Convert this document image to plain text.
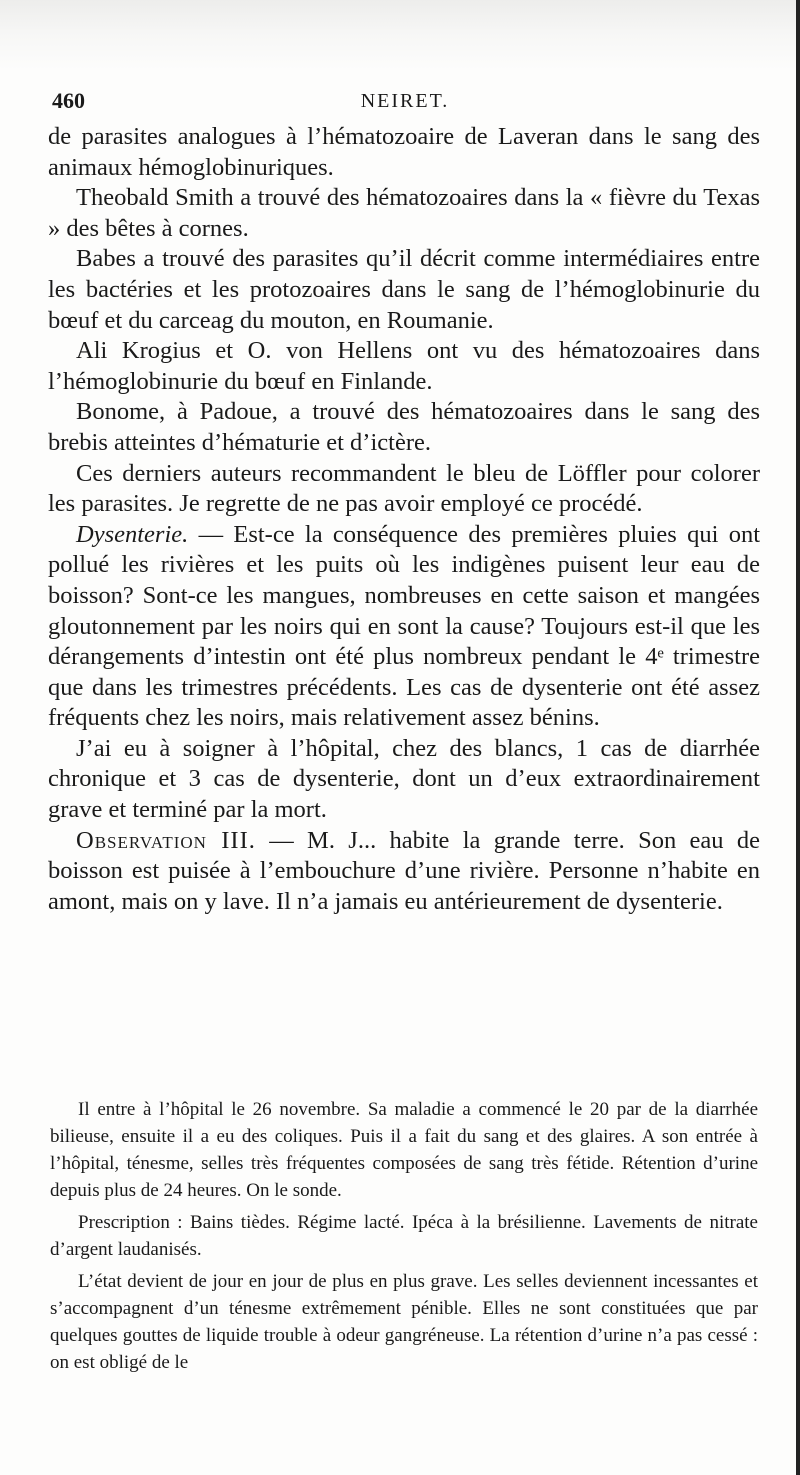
460	NEIRET.

de parasites analogues à l’hématozoaire de Laveran dans le sang des animaux hémoglobinuriques.

Theobald Smith a trouvé des hématozoaires dans la « fièvre du Texas » des bêtes à cornes.

Babes a trouvé des parasites qu’il décrit comme intermédiaires entre les bactéries et les protozoaires dans le sang de l’hémoglobinurie du bœuf et du carceag du mouton, en Roumanie.

Ali Krogius et O. von Hellens ont vu des hématozoaires dans l’hémoglobinurie du bœuf en Finlande.

Bonome, à Padoue, a trouvé des hématozoaires dans le sang des brebis atteintes d’hématurie et d’ictère.

Ces derniers auteurs recommandent le bleu de Löffler pour colorer les parasites. Je regrette de ne pas avoir employé ce procédé.

Dysenterie. — Est-ce la conséquence des premières pluies qui ont pollué les rivières et les puits où les indigènes puisent leur eau de boisson? Sont-ce les mangues, nombreuses en cette saison et mangées gloutonnement par les noirs qui en sont la cause? Toujours est-il que les dérangements d’intestin ont été plus nombreux pendant le 4ᵉ trimestre que dans les trimestres précédents. Les cas de dysenterie ont été assez fréquents chez les noirs, mais relativement assez bénins.

J’ai eu à soigner à l’hôpital, chez des blancs, 1 cas de diarrhée chronique et 3 cas de dysenterie, dont un d’eux extraordinairement grave et terminé par la mort.

Observation III. — M. J... habite la grande terre. Son eau de boisson est puisée à l’embouchure d’une rivière. Personne n’habite en amont, mais on y lave. Il n’a jamais eu antérieurement de dysenterie.

Il entre à l’hôpital le 26 novembre. Sa maladie a commencé le 20 par de la diarrhée bilieuse, ensuite il a eu des coliques. Puis il a fait du sang et des glaires. A son entrée à l’hôpital, ténesme, selles très fréquentes composées de sang très fétide. Rétention d’urine depuis plus de 24 heures. On le sonde.

Prescription : Bains tièdes. Régime lacté. Ipéca à la brésilienne. Lavements de nitrate d’argent laudanisés.

L’état devient de jour en jour de plus en plus grave. Les selles deviennent incessantes et s’accompagnent d’un ténesme extrêmement pénible. Elles ne sont constituées que par quelques gouttes de liquide trouble à odeur gangréneuse. La rétention d’urine n’a pas cessé : on est obligé de le
